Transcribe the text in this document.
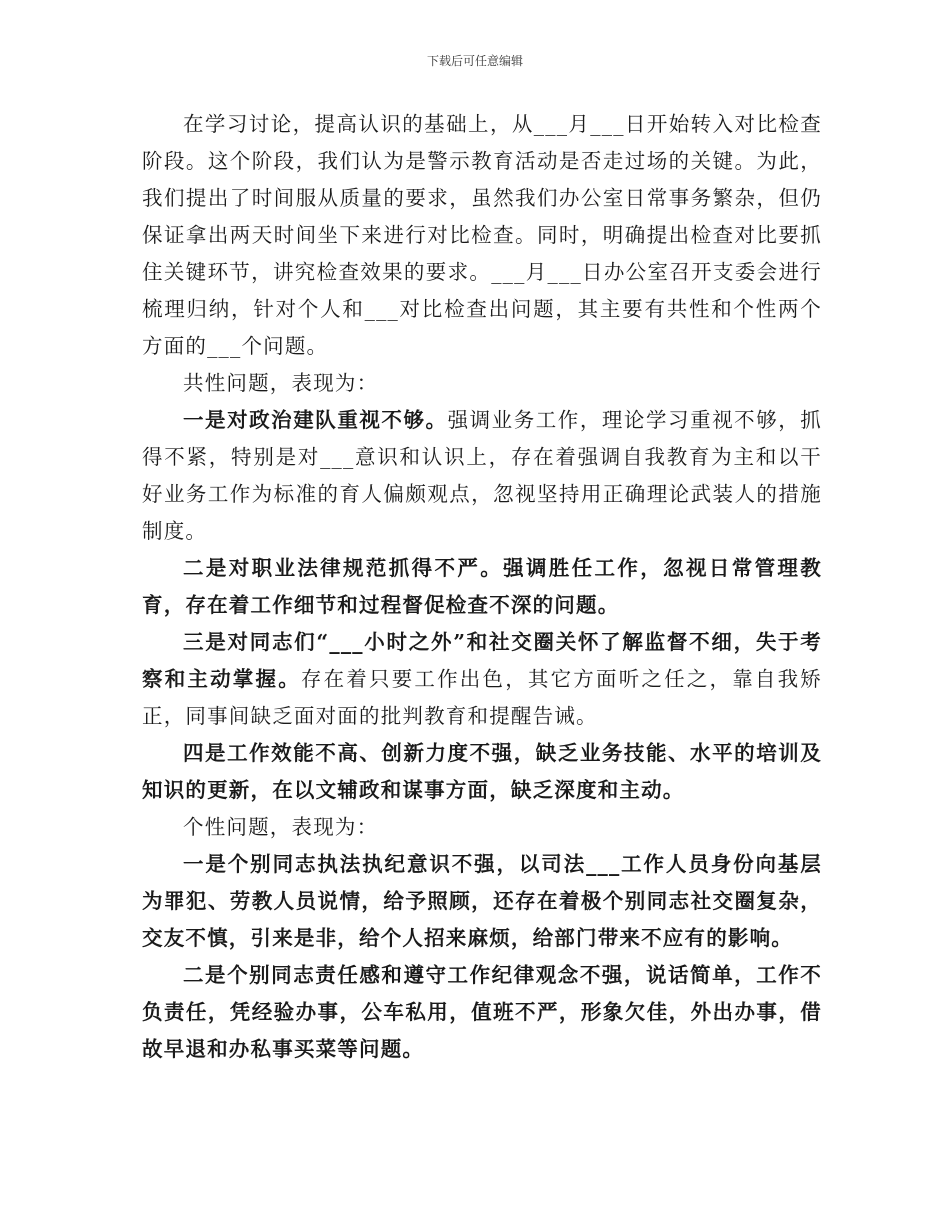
下载后可任意编辑

在学习讨论，提高认识的基础上，从___月___日开始转入对比检查阶段。这个阶段，我们认为是警示教育活动是否走过场的关键。为此，我们提出了时间服从质量的要求，虽然我们办公室日常事务繁杂，但仍保证拿出两天时间坐下来进行对比检查。同时，明确提出检查对比要抓住关键环节，讲究检查效果的要求。___月___日办公室召开支委会进行梳理归纳，针对个人和___对比检查出问题，其主要有共性和个性两个方面的___个问题。

共性问题，表现为：

一是对政治建队重视不够。强调业务工作，理论学习重视不够，抓得不紧，特别是对___意识和认识上，存在着强调自我教育为主和以干好业务工作为标准的育人偏颇观点，忽视坚持用正确理论武装人的措施制度。

二是对职业法律规范抓得不严。强调胜任工作，忽视日常管理教育，存在着工作细节和过程督促检查不深的问题。

三是对同志们“___小时之外”和社交圈关怀了解监督不细，失于考察和主动掌握。存在着只要工作出色，其它方面听之任之，靠自我矫正，同事间缺乏面对面的批判教育和提醒告诫。

四是工作效能不高、创新力度不强，缺乏业务技能、水平的培训及知识的更新，在以文辅政和谋事方面，缺乏深度和主动。

个性问题，表现为：

一是个别同志执法执纪意识不强，以司法___工作人员身份向基层为罪犯、劳教人员说情，给予照顾，还存在着极个别同志社交圈复杂，交友不慎，引来是非，给个人招来麻烦，给部门带来不应有的影响。

二是个别同志责任感和遵守工作纪律观念不强，说话简单，工作不负责任，凭经验办事，公车私用，值班不严，形象欠佳，外出办事，借故早退和办私事买菜等问题。
